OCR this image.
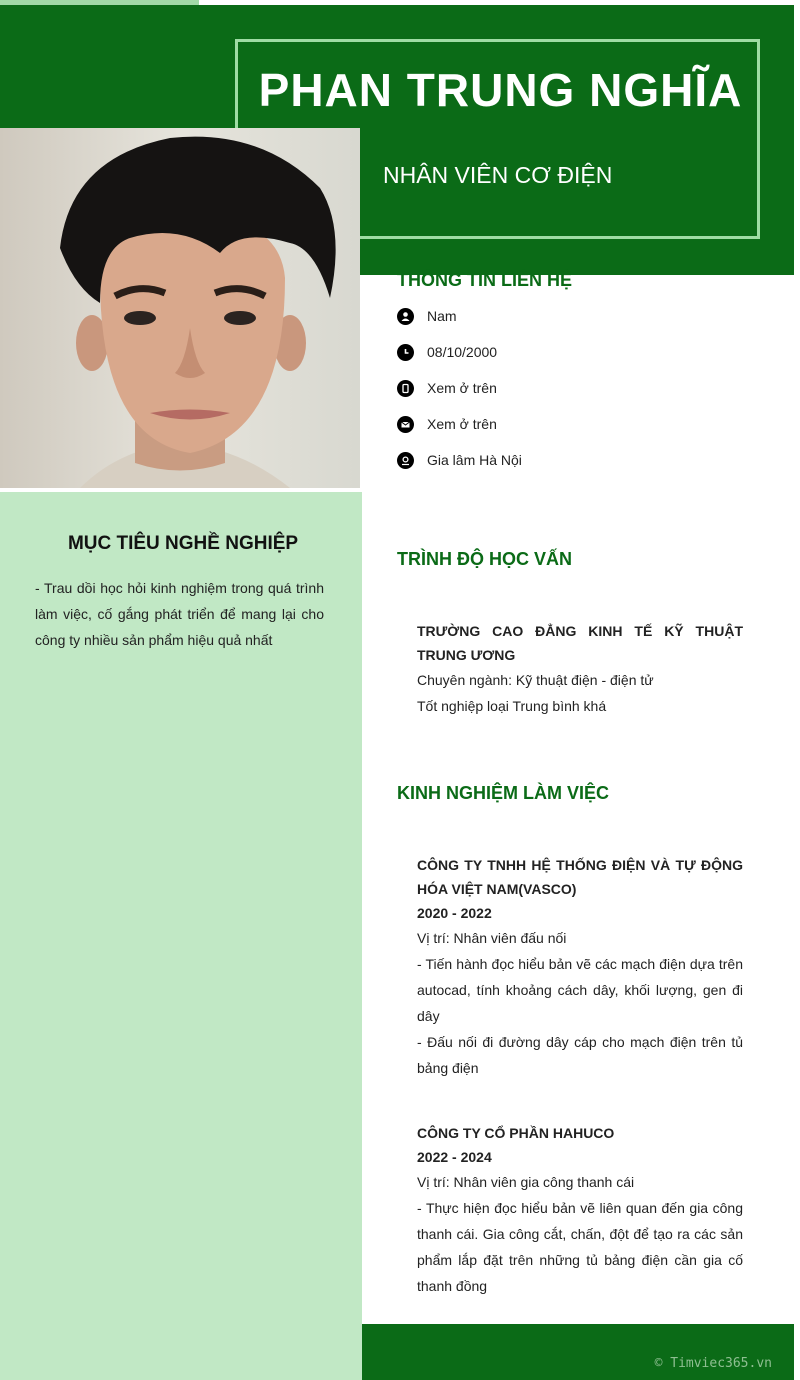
PHAN TRUNG NGHĨA
NHÂN VIÊN CƠ ĐIỆN
MỤC TIÊU NGHỀ NGHIỆP
- Trau dồi học hỏi kinh nghiệm trong quá trình làm việc, cố gắng phát triển để mang lại cho công ty nhiều sản phẩm hiệu quả nhất
THÔNG TIN LIÊN HỆ
Nam
08/10/2000
Xem ở trên
Xem ở trên
Gia lâm Hà Nội
TRÌNH ĐỘ HỌC VẤN
TRƯỜNG CAO ĐẲNG KINH TẾ KỸ THUẬT TRUNG ƯƠNG
Chuyên ngành: Kỹ thuật điện - điện tử
Tốt nghiệp loại Trung bình khá
KINH NGHIỆM LÀM VIỆC
CÔNG TY TNHH HỆ THỐNG ĐIỆN VÀ TỰ ĐỘNG HÓA VIỆT NAM(VASCO)
2020 - 2022
Vị trí: Nhân viên đấu nối
- Tiến hành đọc hiểu bản vẽ các mạch điện dựa trên autocad, tính khoảng cách dây, khối lượng, gen đi dây
- Đấu nối đi đường dây cáp cho mạch điện trên tủ bảng điện
CÔNG TY CỔ PHẦN HAHUCO
2022 - 2024
Vị trí: Nhân viên gia công thanh cái
- Thực hiện đọc hiểu bản vẽ liên quan đến gia công thanh cái. Gia công cắt, chấn, đột để tạo ra các sản phẩm lắp đặt trên những tủ bảng điện cần gia cố thanh đồng
© Timviec365.vn
